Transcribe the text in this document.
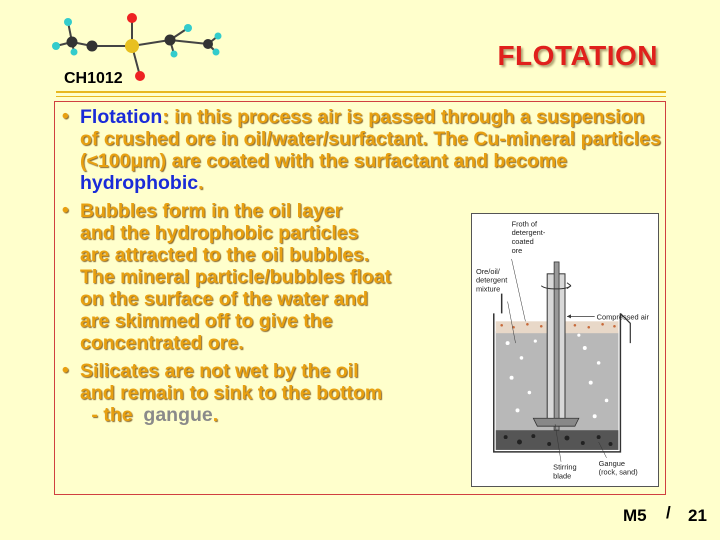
CH1012
FLOTATION
• Flotation: in this process air is passed through a suspension of crushed ore in oil/water/surfactant. The Cu-mineral particles (<100μm) are coated with the surfactant and become hydrophobic.
• Bubbles form in the oil layer
and the hydrophobic particles
are attracted to the oil bubbles.
The mineral particle/bubbles float
on the surface of the water and
are skimmed off to give the
concentrated ore.
• Silicates are not wet by the oil
and remain to sink to the bottom
- the  gangue.
Froth of
detergent-
coated
ore
Ore/oil/
detergent
mixture
Compressed air
Stirring
blade
Gangue
(rock, sand)
M5 / 21
